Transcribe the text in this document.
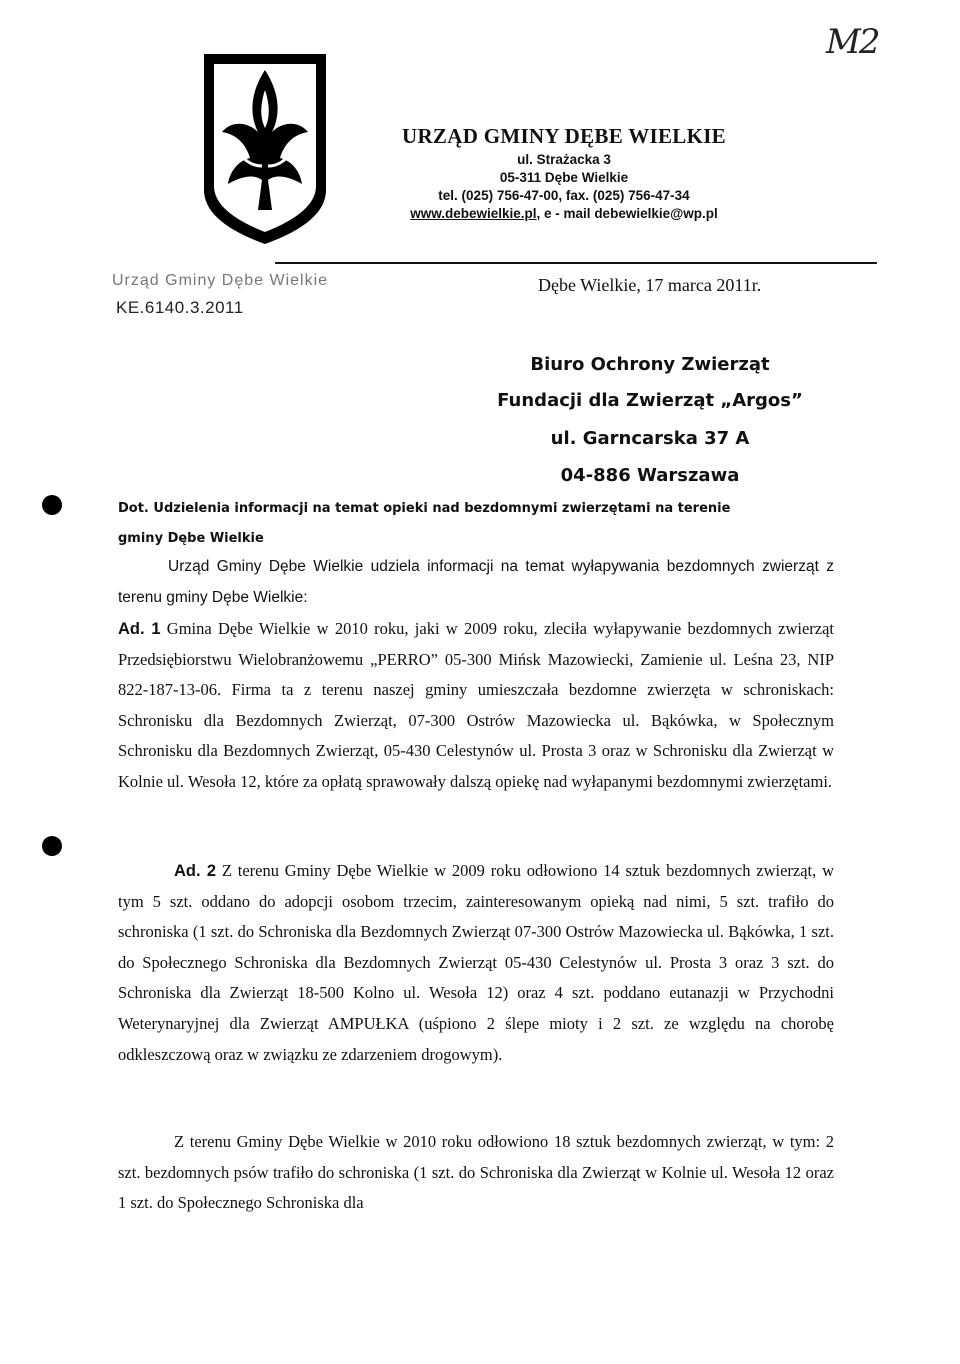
M2
URZĄD GMINY DĘBE WIELKIE
ul. Strażacka 3
05-311 Dębe Wielkie
tel. (025) 756-47-00, fax. (025) 756-47-34
www.debewielkie.pl, e - mail debewielkie@wp.pl
Urząd Gminy Dębe Wielkie
KE.6140.3.2011
Dębe Wielkie, 17 marca 2011r.
Biuro Ochrony Zwierząt
Fundacji dla Zwierząt „Argos”
ul. Garncarska 37 A
04-886 Warszawa
Dot. Udzielenia informacji na temat opieki nad bezdomnymi zwierzętami na terenie
gminy Dębe Wielkie

Urząd Gminy Dębe Wielkie udziela informacji na temat wyłapywania bezdomnych zwierząt z terenu gminy Dębe Wielkie:

Ad. 1 Gmina Dębe Wielkie w 2010 roku, jaki w 2009 roku, zleciła wyłapywanie bezdomnych zwierząt Przedsiębiorstwu Wielobranżowemu „PERRO” 05-300 Mińsk Mazowiecki, Zamienie ul. Leśna 23, NIP 822-187-13-06. Firma ta z terenu naszej gminy umieszczała bezdomne zwierzęta w schroniskach: Schronisku dla Bezdomnych Zwierząt, 07-300 Ostrów Mazowiecka ul. Bąkówka, w Społecznym Schronisku dla Bezdomnych Zwierząt, 05-430 Celestynów ul. Prosta 3 oraz w Schronisku dla Zwierząt w Kolnie ul. Wesoła 12, które za opłatą sprawowały dalszą opiekę nad wyłapanymi bezdomnymi zwierzętami.

Ad. 2 Z terenu Gminy Dębe Wielkie w 2009 roku odłowiono 14 sztuk bezdomnych zwierząt, w tym 5 szt. oddano do adopcji osobom trzecim, zainteresowanym opieką nad nimi, 5 szt. trafiło do schroniska (1 szt. do Schroniska dla Bezdomnych Zwierząt 07-300 Ostrów Mazowiecka ul. Bąkówka, 1 szt. do Społecznego Schroniska dla Bezdomnych Zwierząt 05-430 Celestynów ul. Prosta 3 oraz 3 szt. do Schroniska dla Zwierząt 18-500 Kolno ul. Wesoła 12) oraz 4 szt. poddano eutanazji w Przychodni Weterynaryjnej dla Zwierząt AMPUŁKA (uśpiono 2 ślepe mioty i 2 szt. ze względu na chorobę odkleszczową oraz w związku ze zdarzeniem drogowym).

Z terenu Gminy Dębe Wielkie w 2010 roku odłowiono 18 sztuk bezdomnych zwierząt, w tym: 2 szt. bezdomnych psów trafiło do schroniska (1 szt. do Schroniska dla Zwierząt w Kolnie ul. Wesoła 12 oraz 1 szt. do Społecznego Schroniska dla
